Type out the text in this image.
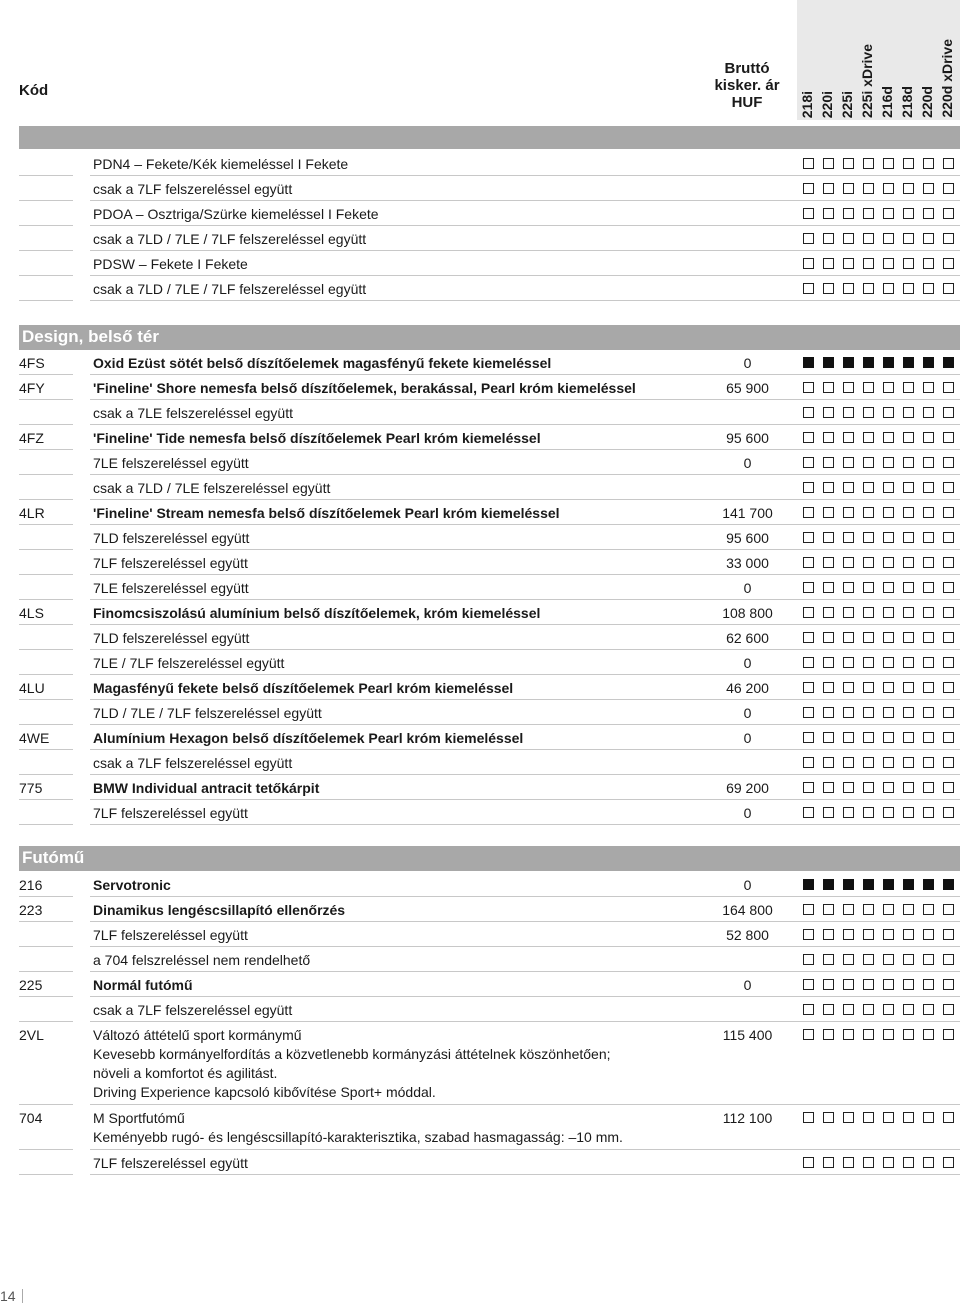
Kód
Bruttó
kisker. ár
HUF	218i 220i 225i 225i xDrive 216d 218d 220d 220d xDrive
PDN4 – Fekete/Kék kiemeléssel I Fekete
csak a 7LF felszereléssel együtt
PDOA – Osztriga/Szürke kiemeléssel I Fekete
csak a 7LD / 7LE / 7LF felszereléssel együtt
PDSW – Fekete I Fekete
csak a 7LD / 7LE / 7LF felszereléssel együtt
Design, belső tér
4FS	Oxid Ezüst sötét belső díszítőelemek magasfényű fekete kiemeléssel	0
4FY	'Fineline' Shore nemesfa belső díszítőelemek, berakással, Pearl króm kiemeléssel	65 900
csak a 7LE felszereléssel együtt
4FZ	'Fineline' Tide nemesfa belső díszítőelemek Pearl króm kiemeléssel	95 600
7LE felszereléssel együtt	0
csak a 7LD / 7LE felszereléssel együtt
4LR	'Fineline' Stream nemesfa belső díszítőelemek Pearl króm kiemeléssel	141 700
7LD felszereléssel együtt	95 600
7LF felszereléssel együtt	33 000
7LE felszereléssel együtt	0
4LS	Finomcsiszolású alumínium belső díszítőelemek, króm kiemeléssel	108 800
7LD felszereléssel együtt	62 600
7LE / 7LF felszereléssel együtt	0
4LU	Magasfényű fekete belső díszítőelemek Pearl króm kiemeléssel	46 200
7LD / 7LE / 7LF felszereléssel együtt	0
4WE	Alumínium Hexagon belső díszítőelemek Pearl króm kiemeléssel	0
csak a 7LF felszereléssel együtt
775	BMW Individual antracit tetőkárpit	69 200
7LF felszereléssel együtt	0
Futómű
216	Servotronic	0
223	Dinamikus lengéscsillapító ellenőrzés	164 800
7LF felszereléssel együtt	52 800
a 704 felszreléssel nem rendelhető
225	Normál futómű	0
csak a 7LF felszereléssel együtt
2VL	Változó áttételű sport kormánymű	115 400
Kevesebb kormányelfordítás a közvetlenebb kormányzási áttételnek köszönhetően;
növeli a komfortot és agilitást.
Driving Experience kapcsoló kibővítése Sport+ móddal.
704	M Sportfutómű	112 100
Keményebb rugó- és lengéscsillapító-karakterisztika, szabad hasmagasság: –10 mm.
7LF felszereléssel együtt
14
